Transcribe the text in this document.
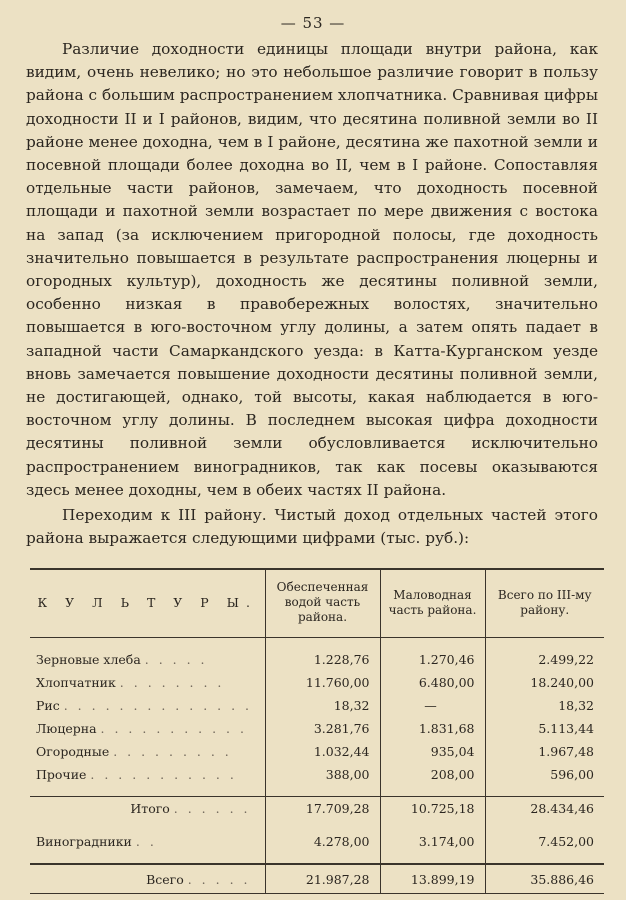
— 53 —

Различие доходности единицы площади внутри района, как видим, очень невелико; но это небольшое различие говорит в пользу района с большим распространением хлопчатника. Сравнивая цифры доходности II и I районов, видим, что десятина поливной земли во II районе менее доходна, чем в I районе, десятина же пахотной земли и посевной площади более доходна во II, чем в I районе. Сопоставляя отдельные части районов, замечаем, что доходность посевной площади и пахотной земли возрастает по мере движения с востока на запад (за исключением пригородной полосы, где доходность значительно повышается в результате распространения люцерны и огородных культур), доходность же десятины поливной земли, особенно низкая в правобережных волостях, значительно повышается в юго-восточном углу долины, а затем опять падает в западной части Самаркандского уезда: в Катта-Курганском уезде вновь замечается повышение доходности десятины поливной земли, не достигающей, однако, той высоты, какая наблюдается в юго-восточном углу долины. В последнем высокая цифра доходности десятины поливной земли обусловливается исключительно распространением виноградников, так как посевы оказываются здесь менее доходны, чем в обеих частях II района.

Переходим к III району. Чистый доход отдельных частей этого района выражается следующими цифрами (тыс. руб.):

К У Л Ь Т У Р Ы.	Обеспеченная водой часть района.	Маловодная часть района.	Всего по III-му району.

Зерновые хлеба . . . . .	1.228,76	1.270,46	2.499,22
Хлопчатник . . . . . . . .	11.760,00	6.480,00	18.240,00
Рис . . . . . . . . . . . . . .	18,32	—	18,32
Люцерна . . . . . . . . . . .	3.281,76	1.831,68	5.113,44
Огородные . . . . . . . . .	1.032,44	935,04	1.967,48
Прочие . . . . . . . . . . .	388,00	208,00	596,00

Итого . . . . . .	17.709,28	10.725,18	28.434,46

Виноградники . .	4.278,00	3.174,00	7.452,00

Всего . . . . .	21.987,28	13.899,19	35.886,46
